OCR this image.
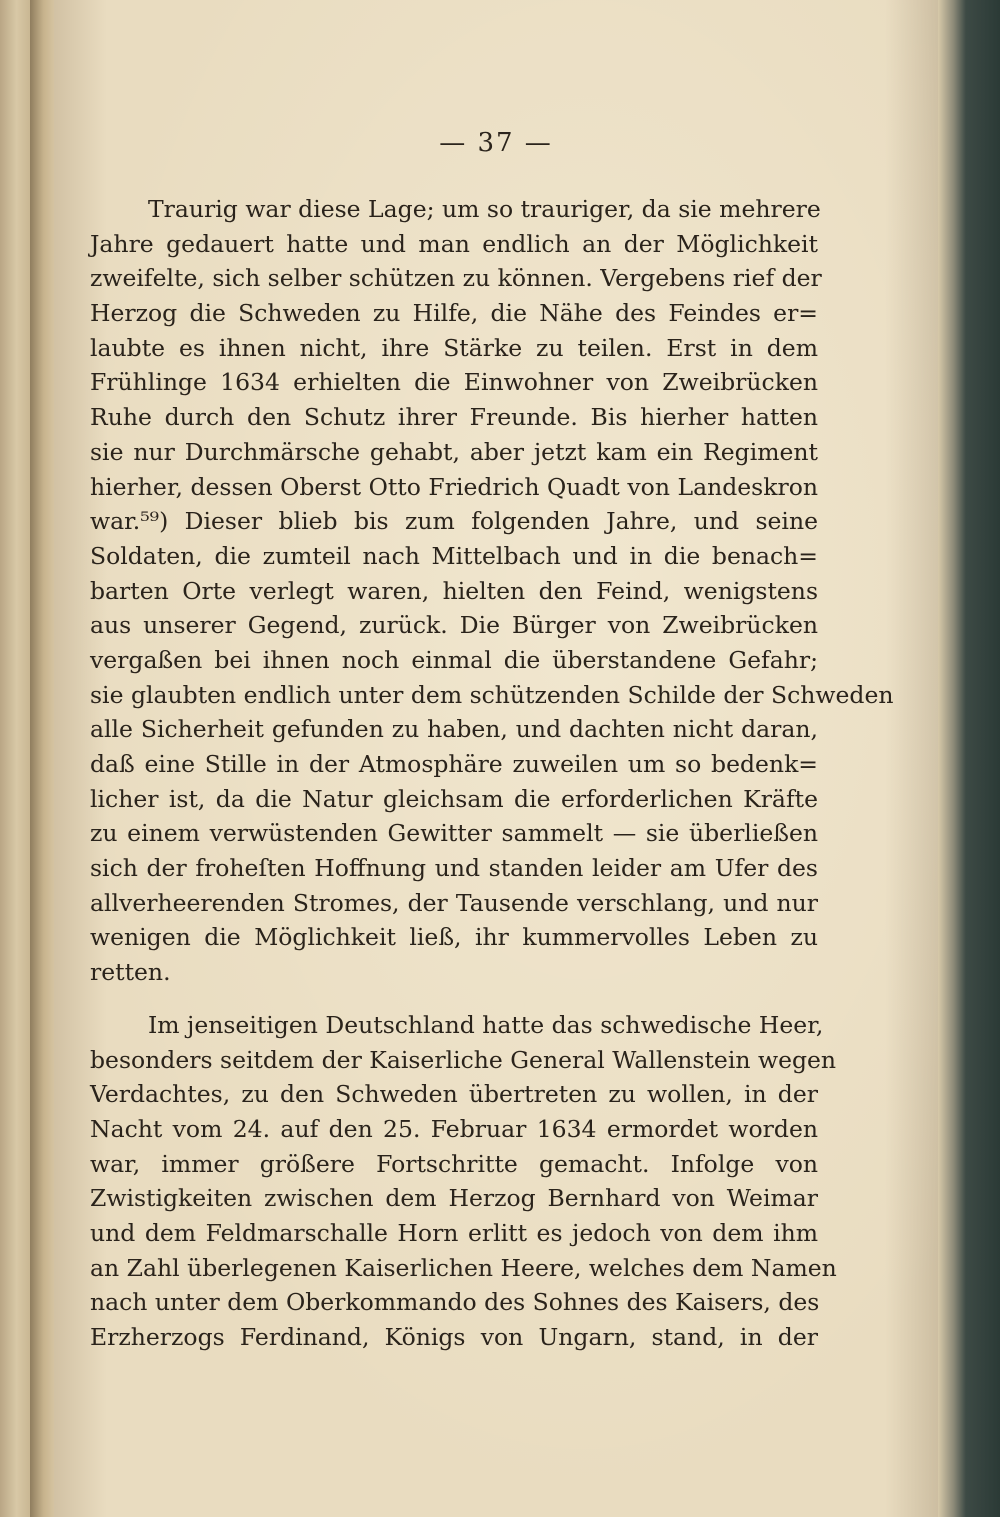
— 37 —
Traurig war diese Lage; um so trauriger, da sie mehrere
Jahre gedauert hatte und man endlich an der Möglichkeit
zweifelte, sich selber schützen zu können. Vergebens rief der
Herzog die Schweden zu Hilfe, die Nähe des Feindes er=
laubte es ihnen nicht, ihre Stärke zu teilen. Erst in dem
Frühlinge 1634 erhielten die Einwohner von Zweibrücken
Ruhe durch den Schutz ihrer Freunde. Bis hierher hatten
sie nur Durchmärsche gehabt, aber jetzt kam ein Regiment
hierher, dessen Oberst Otto Friedrich Quadt von Landeskron
war.⁵⁹) Dieser blieb bis zum folgenden Jahre, und seine
Soldaten, die zumteil nach Mittelbach und in die benach=
barten Orte verlegt waren, hielten den Feind, wenigstens
aus unserer Gegend, zurück. Die Bürger von Zweibrücken
vergaßen bei ihnen noch einmal die überstandene Gefahr;
sie glaubten endlich unter dem schützenden Schilde der Schweden
alle Sicherheit gefunden zu haben, und dachten nicht daran,
daß eine Stille in der Atmosphäre zuweilen um so bedenk=
licher ist, da die Natur gleichsam die erforderlichen Kräfte
zu einem verwüstenden Gewitter sammelt — sie überließen
sich der froheſten Hoffnung und standen leider am Ufer des
allverheerenden Stromes, der Tausende verschlang, und nur
wenigen die Möglichkeit ließ, ihr kummervolles Leben zu
retten.
Im jenseitigen Deutschland hatte das schwedische Heer,
besonders seitdem der Kaiserliche General Wallenstein wegen
Verdachtes, zu den Schweden übertreten zu wollen, in der
Nacht vom 24. auf den 25. Februar 1634 ermordet worden
war, immer größere Fortschritte gemacht. Infolge von
Zwistigkeiten zwischen dem Herzog Bernhard von Weimar
und dem Feldmarschalle Horn erlitt es jedoch von dem ihm
an Zahl überlegenen Kaiserlichen Heere, welches dem Namen
nach unter dem Oberkommando des Sohnes des Kaisers, des
Erzherzogs Ferdinand, Königs von Ungarn, stand, in der
